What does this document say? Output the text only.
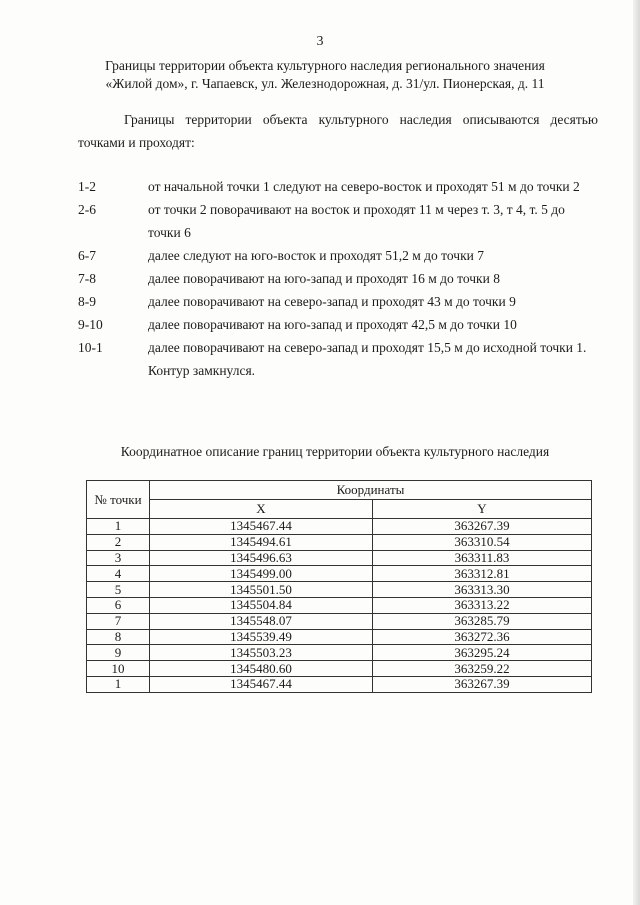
3
Границы территории объекта культурного наследия регионального значения
«Жилой дом», г. Чапаевск, ул. Железнодорожная, д. 31/ул. Пионерская, д. 11
Границы территории объекта культурного наследия описываются десятью точками и проходят:
1-2	от начальной точки 1 следуют на северо-восток и проходят 51 м до точки 2
2-6	от точки 2 поворачивают на восток и проходят 11 м через т. 3, т 4, т. 5 до точки 6
6-7	далее следуют на юго-восток и проходят 51,2 м до точки 7
7-8	далее поворачивают на юго-запад и проходят 16 м до точки 8
8-9	далее поворачивают на северо-запад и проходят 43 м до точки 9
9-10	далее поворачивают на юго-запад и проходят 42,5 м до точки 10
10-1	далее поворачивают на северо-запад и проходят 15,5 м до исходной точки 1. Контур замкнулся.
Координатное описание границ территории объекта культурного наследия
№ точки	Координаты	
	X	Y
1	1345467.44	363267.39
2	1345494.61	363310.54
3	1345496.63	363311.83
4	1345499.00	363312.81
5	1345501.50	363313.30
6	1345504.84	363313.22
7	1345548.07	363285.79
8	1345539.49	363272.36
9	1345503.23	363295.24
10	1345480.60	363259.22
1	1345467.44	363267.39
